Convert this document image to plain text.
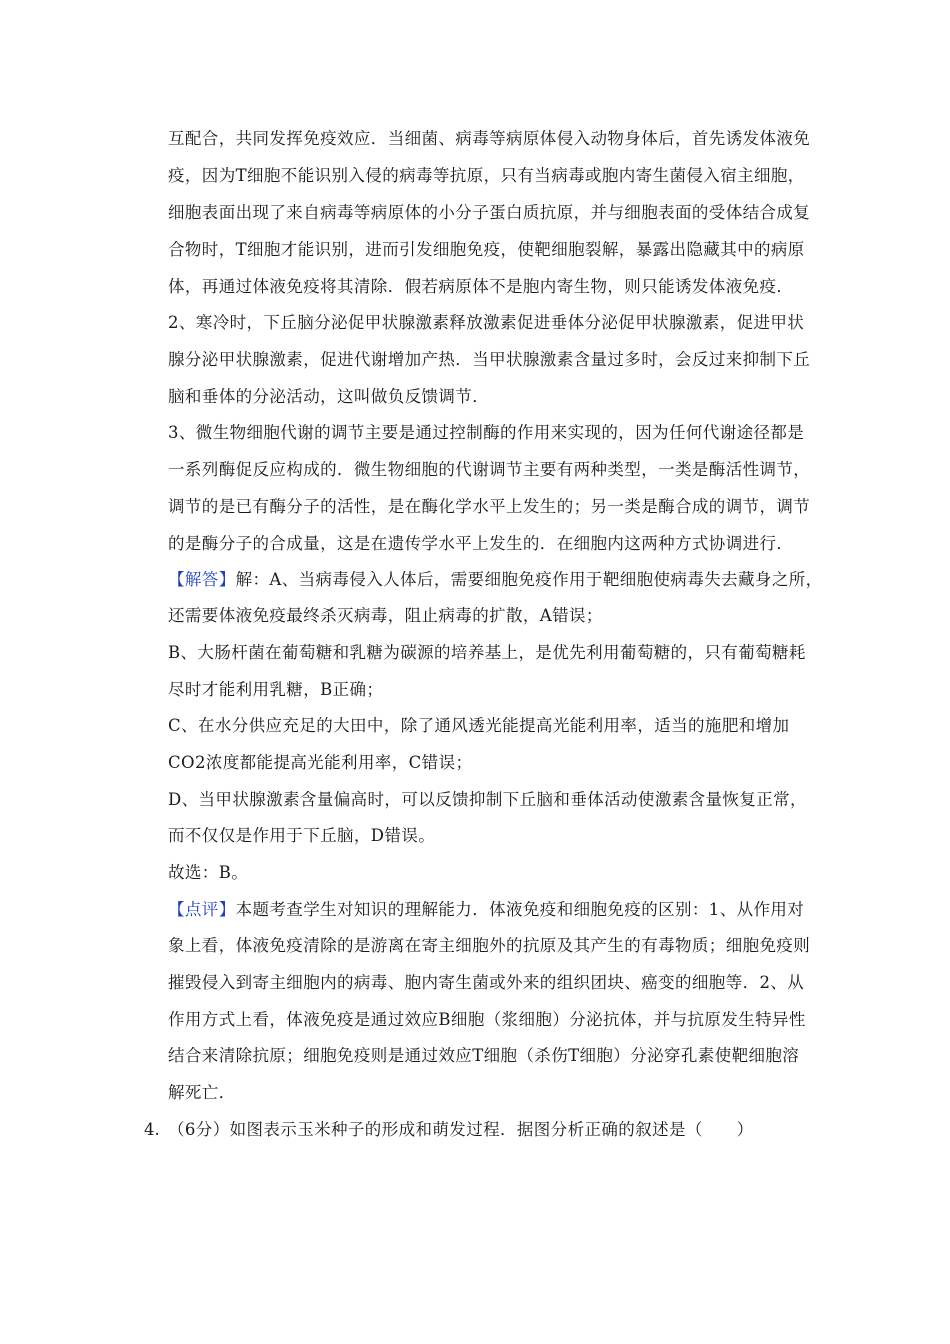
互配合，共同发挥免疫效应．当细菌、病毒等病原体侵入动物身体后，首先诱发体液免
疫，因为T细胞不能识别入侵的病毒等抗原，只有当病毒或胞内寄生菌侵入宿主细胞，
细胞表面出现了来自病毒等病原体的小分子蛋白质抗原，并与细胞表面的受体结合成复
合物时，T细胞才能识别，进而引发细胞免疫，使靶细胞裂解，暴露出隐藏其中的病原
体，再通过体液免疫将其清除．假若病原体不是胞内寄生物，则只能诱发体液免疫．
2、寒冷时，下丘脑分泌促甲状腺激素释放激素促进垂体分泌促甲状腺激素，促进甲状
腺分泌甲状腺激素，促进代谢增加产热．当甲状腺激素含量过多时，会反过来抑制下丘
脑和垂体的分泌活动，这叫做负反馈调节．
3、微生物细胞代谢的调节主要是通过控制酶的作用来实现的，因为任何代谢途径都是
一系列酶促反应构成的．微生物细胞的代谢调节主要有两种类型，一类是酶活性调节，
调节的是已有酶分子的活性，是在酶化学水平上发生的；另一类是酶合成的调节，调节
的是酶分子的合成量，这是在遗传学水平上发生的．在细胞内这两种方式协调进行．
【解答】解：A、当病毒侵入人体后，需要细胞免疫作用于靶细胞使病毒失去藏身之所，
还需要体液免疫最终杀灭病毒，阻止病毒的扩散，A错误；
B、大肠杆菌在葡萄糖和乳糖为碳源的培养基上，是优先利用葡萄糖的，只有葡萄糖耗
尽时才能利用乳糖，B正确；
C、在水分供应充足的大田中，除了通风透光能提高光能利用率，适当的施肥和增加
CO2浓度都能提高光能利用率，C错误；
D、当甲状腺激素含量偏高时，可以反馈抑制下丘脑和垂体活动使激素含量恢复正常，
而不仅仅是作用于下丘脑，D错误。
故选：B。
【点评】本题考查学生对知识的理解能力．体液免疫和细胞免疫的区别：1、从作用对
象上看，体液免疫清除的是游离在寄主细胞外的抗原及其产生的有毒物质；细胞免疫则
摧毁侵入到寄主细胞内的病毒、胞内寄生菌或外来的组织团块、癌变的细胞等．2、从
作用方式上看，体液免疫是通过效应B细胞（浆细胞）分泌抗体，并与抗原发生特异性
结合来清除抗原；细胞免疫则是通过效应T细胞（杀伤T细胞）分泌穿孔素使靶细胞溶
解死亡．
4. （6分）如图表示玉米种子的形成和萌发过程．据图分析正确的叙述是（　　）
